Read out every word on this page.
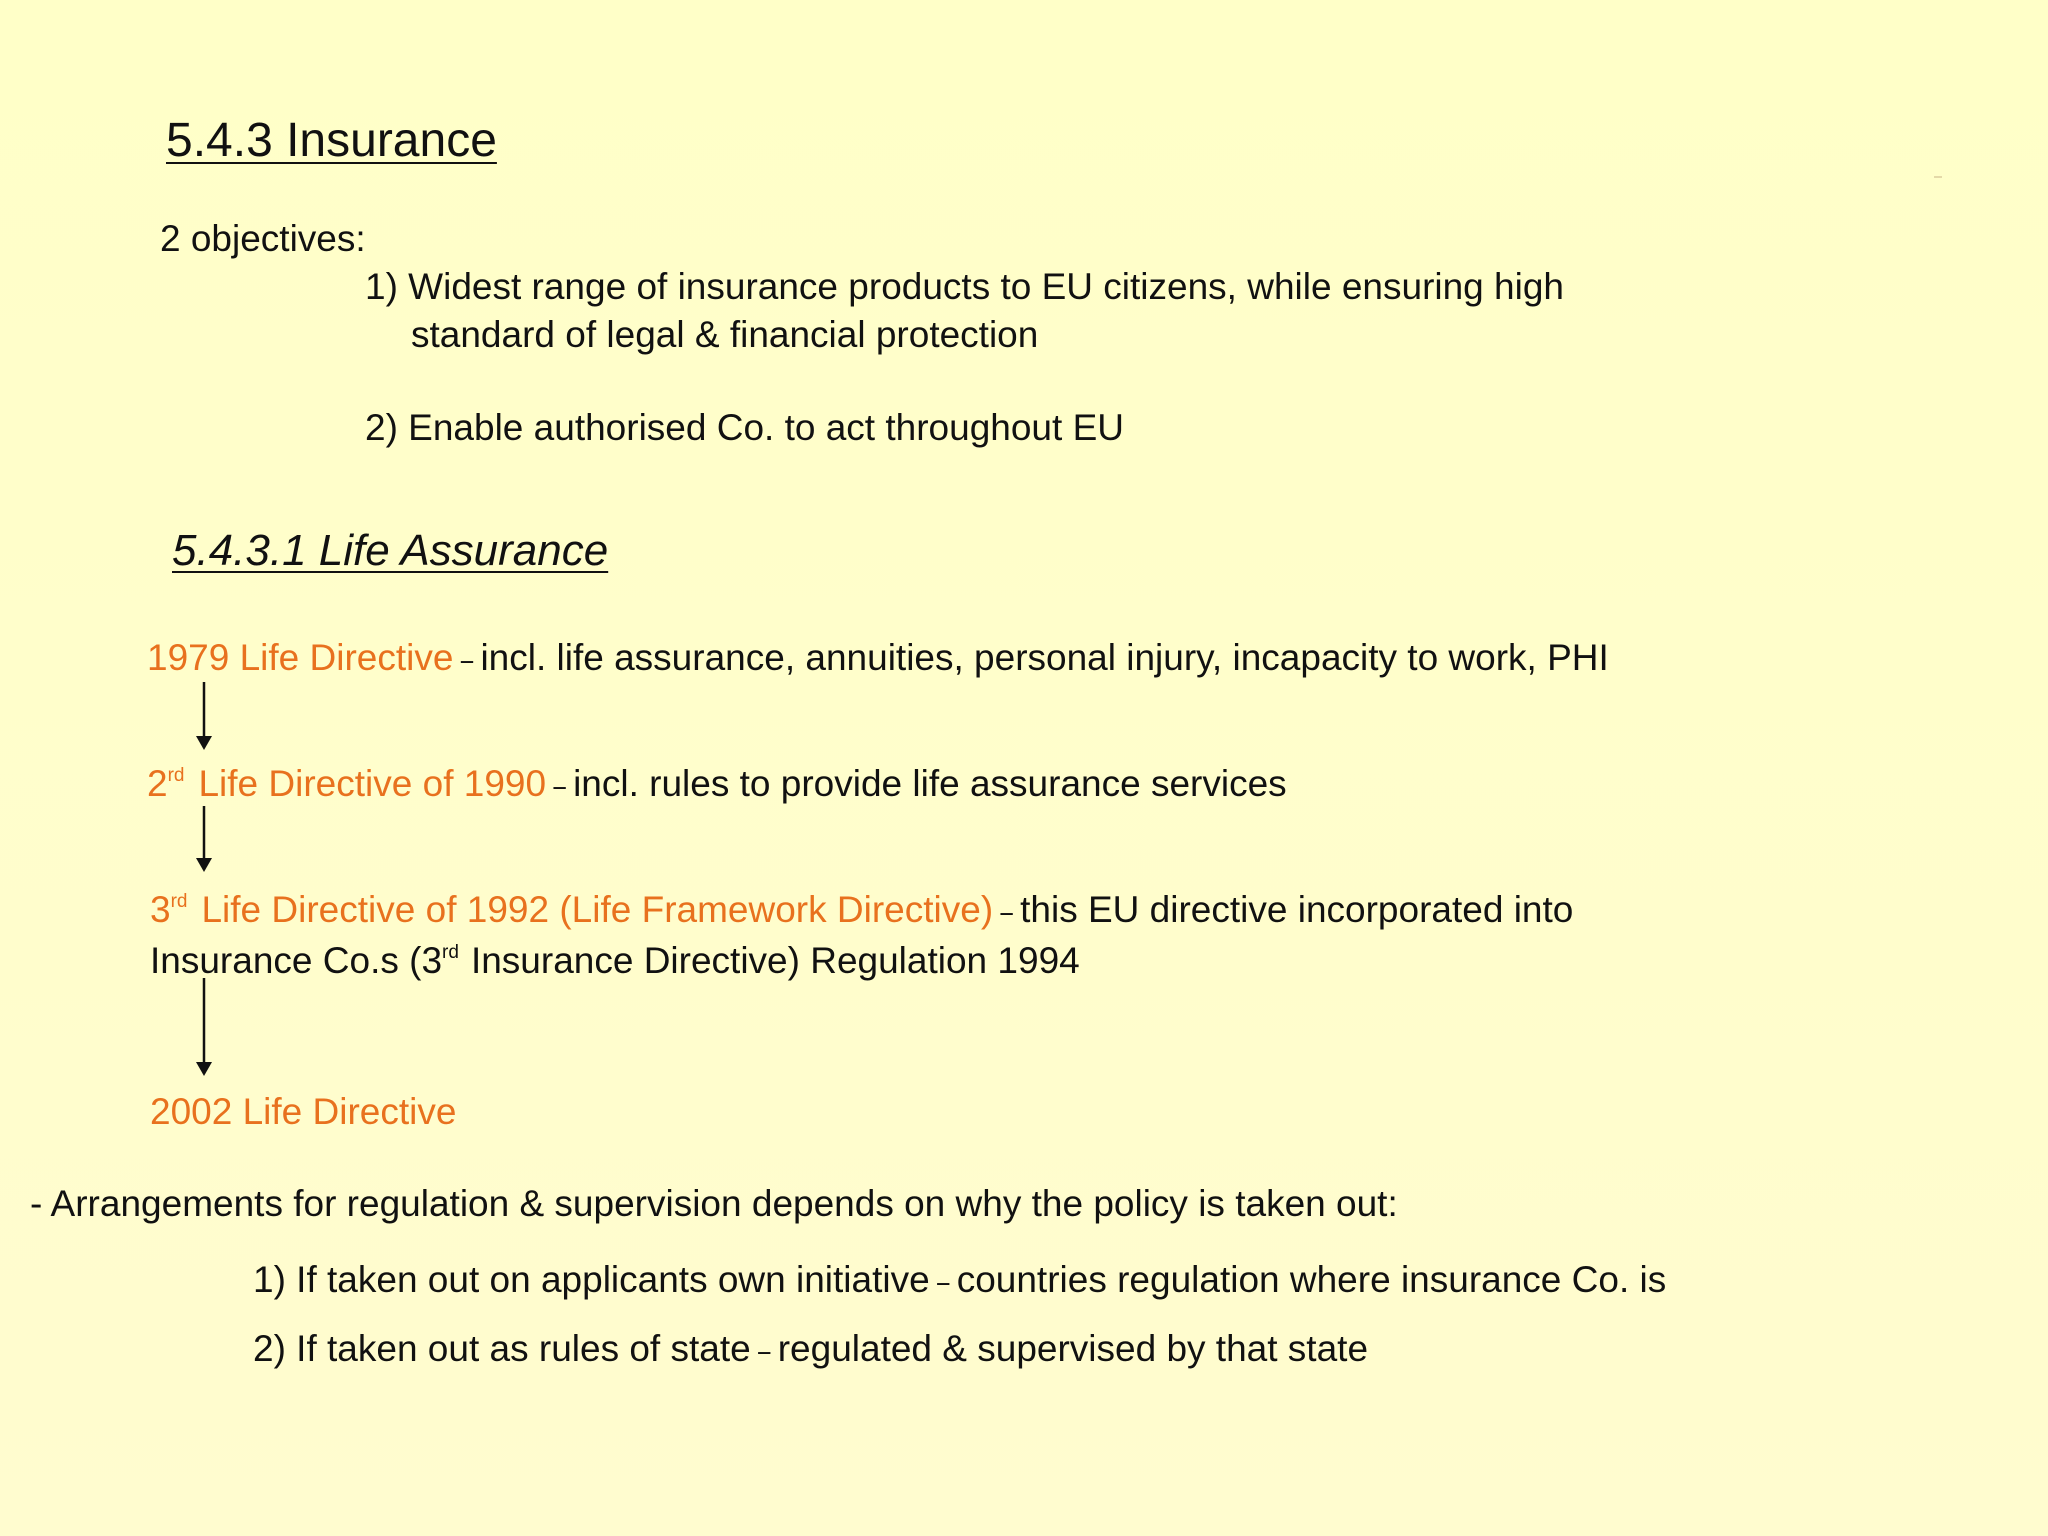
5.4.3 Insurance
2 objectives:
1) Widest range of insurance products to EU citizens, while ensuring high
standard of legal & financial protection
2) Enable authorised Co. to act throughout EU
5.4.3.1 Life Assurance
1979 Life Directive – incl. life assurance, annuities, personal injury, incapacity to work, PHI
2rd Life Directive of 1990 – incl. rules to provide life assurance services
3rd Life Directive of 1992 (Life Framework Directive) – this EU directive incorporated into
Insurance Co.s (3rd Insurance Directive) Regulation 1994
2002 Life Directive
- Arrangements for regulation & supervision depends on why the policy is taken out:
1) If taken out on applicants own initiative – countries regulation where insurance Co. is
2) If taken out as rules of state – regulated & supervised by that state
